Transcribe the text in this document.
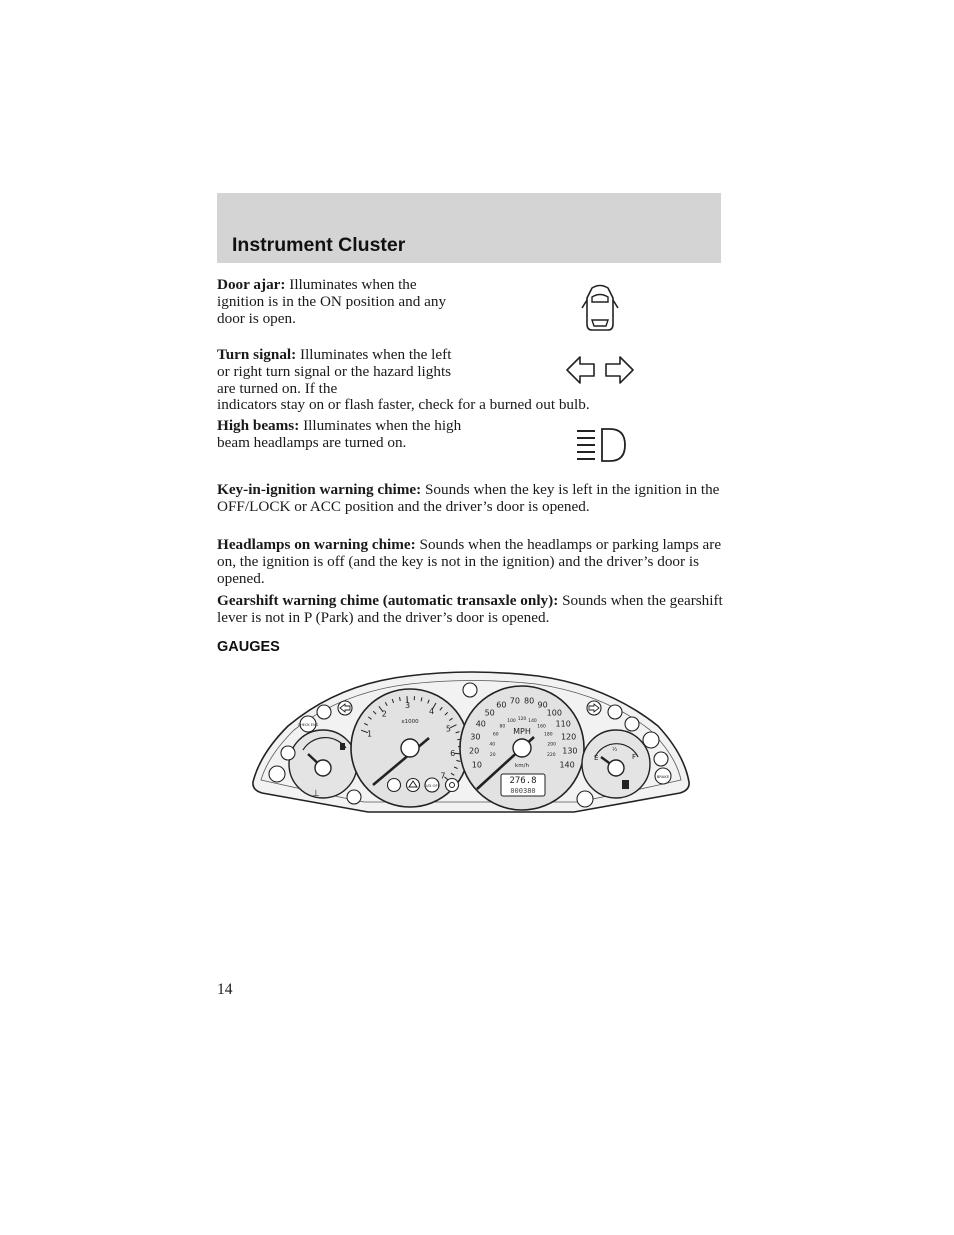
Instrument Cluster

Door ajar: Illuminates when the ignition is in the ON position and any door is open.

Turn signal: Illuminates when the left or right turn signal or the hazard lights are turned on. If the

indicators stay on or flash faster, check for a burned out bulb.

High beams: Illuminates when the high beam headlamps are turned on.

Key-in-ignition warning chime: Sounds when the key is left in the ignition in the OFF/LOCK or ACC position and the driver’s door is opened.

Headlamps on warning chime: Sounds when the headlamps or parking lamps are on, the ignition is off (and the key is not in the ignition) and the driver’s door is opened.

Gearshift warning chime (automatic transaxle only): Sounds when the gearshift lever is not in P (Park) and the driver’s door is opened.

GAUGES
⊥
1
2
3
4
5
6
7
x1000
10
20
30
40
50
60 70 80 90
100
110
120
130
140
20
40
60
80
100 120 140
160
180
200
220
MPH
km/h
276.8
000380
E
½
F
O/D OFF
CHECK ENG
BRAKE
14
